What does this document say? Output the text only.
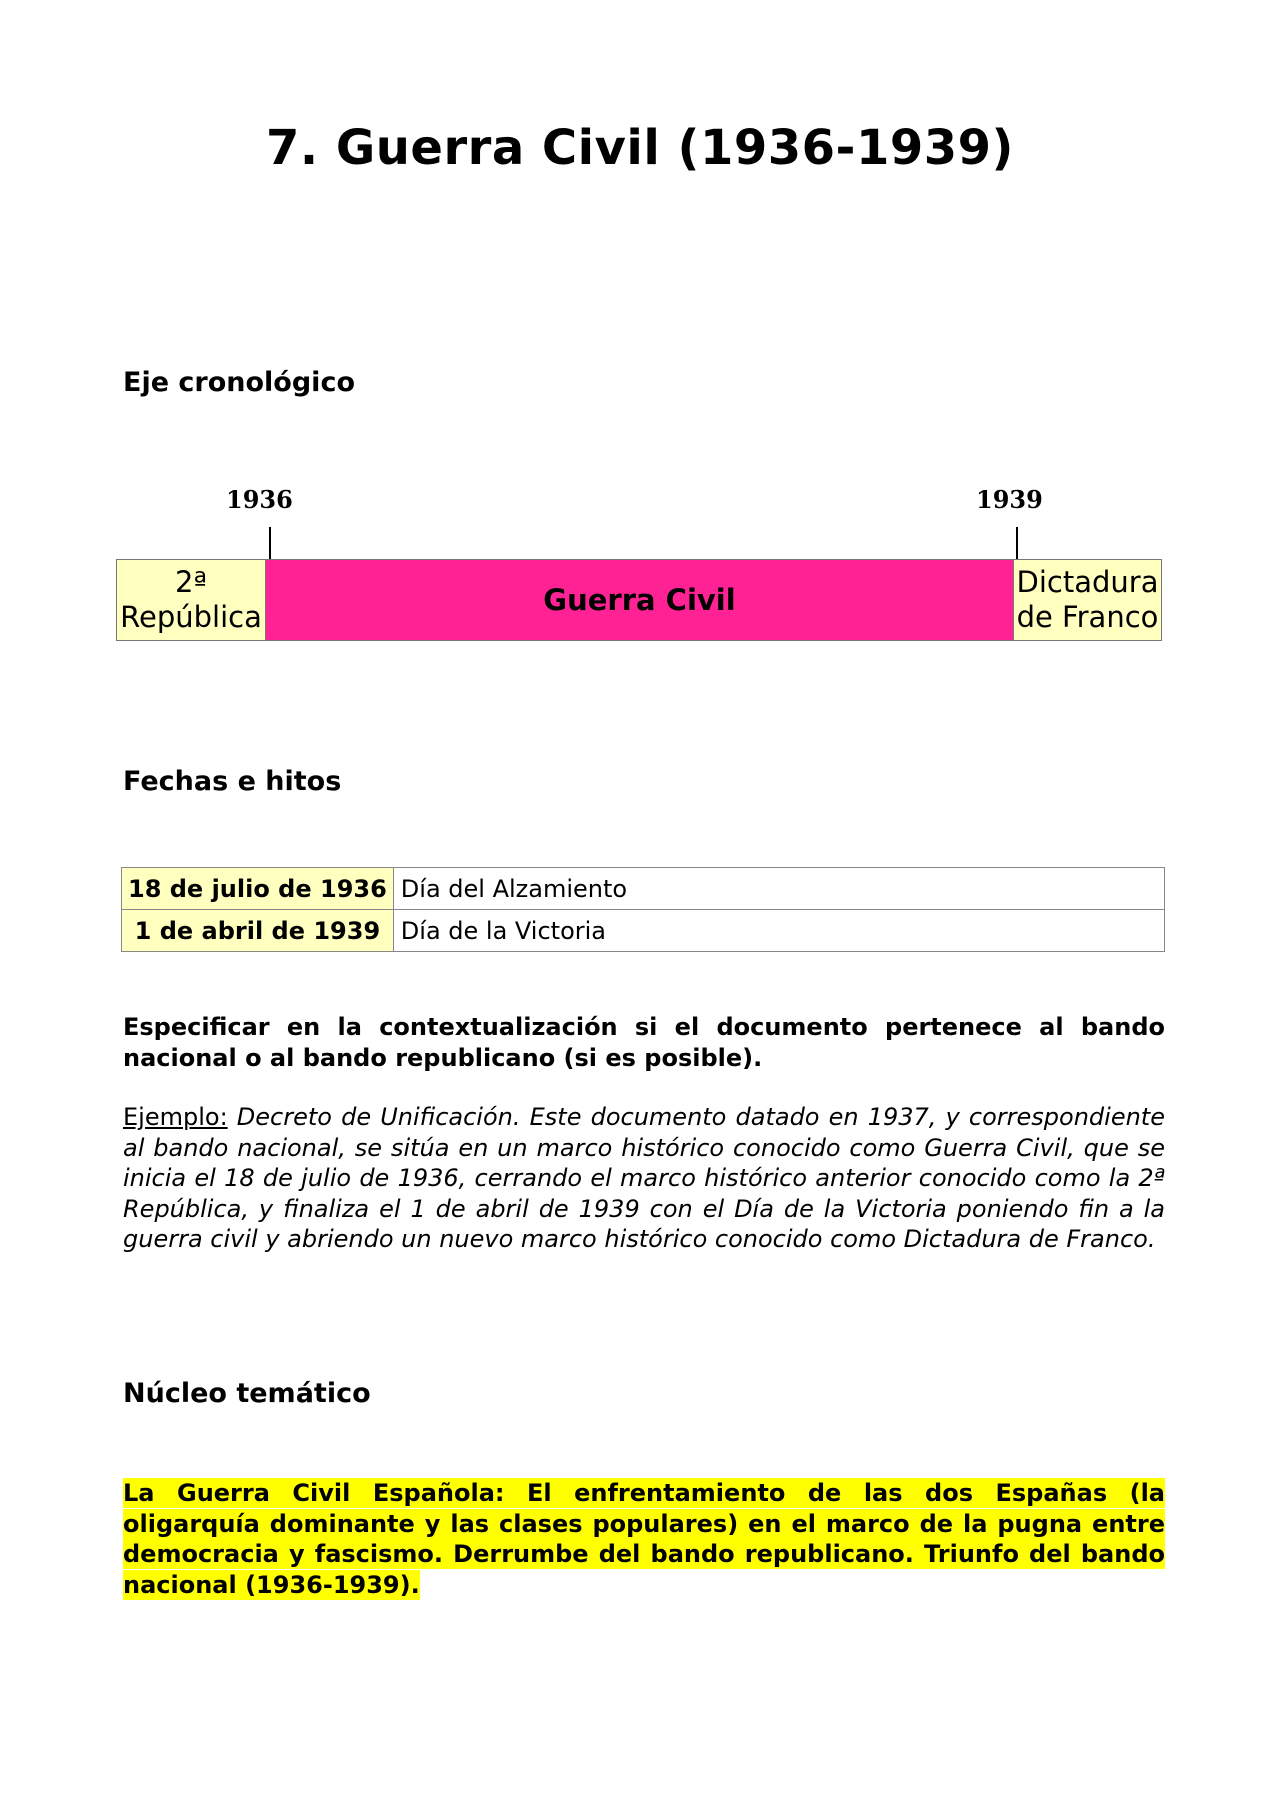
7. Guerra Civil (1936-1939)
Eje cronológico
1936	1939
2ª República
Guerra Civil
Dictadura de Franco
Fechas e hitos
18 de julio de 1936	Día del Alzamiento
1 de abril de 1939	Día de la Victoria

Especificar en la contextualización si el documento pertenece al bando nacional o al bando republicano (si es posible).

Ejemplo: Decreto de Unificación. Este documento datado en 1937, y correspondiente al bando nacional, se sitúa en un marco histórico conocido como Guerra Civil, que se inicia el 18 de julio de 1936, cerrando el marco histórico anterior conocido como la 2ª República, y finaliza el 1 de abril de 1939 con el Día de la Victoria poniendo fin a la guerra civil y abriendo un nuevo marco histórico conocido como Dictadura de Franco.

Núcleo temático

La Guerra Civil Española: El enfrentamiento de las dos Españas (la oligarquía dominante y las clases populares) en el marco de la pugna entre democracia y fascismo. Derrumbe del bando republicano. Triunfo del bando nacional (1936-1939).
